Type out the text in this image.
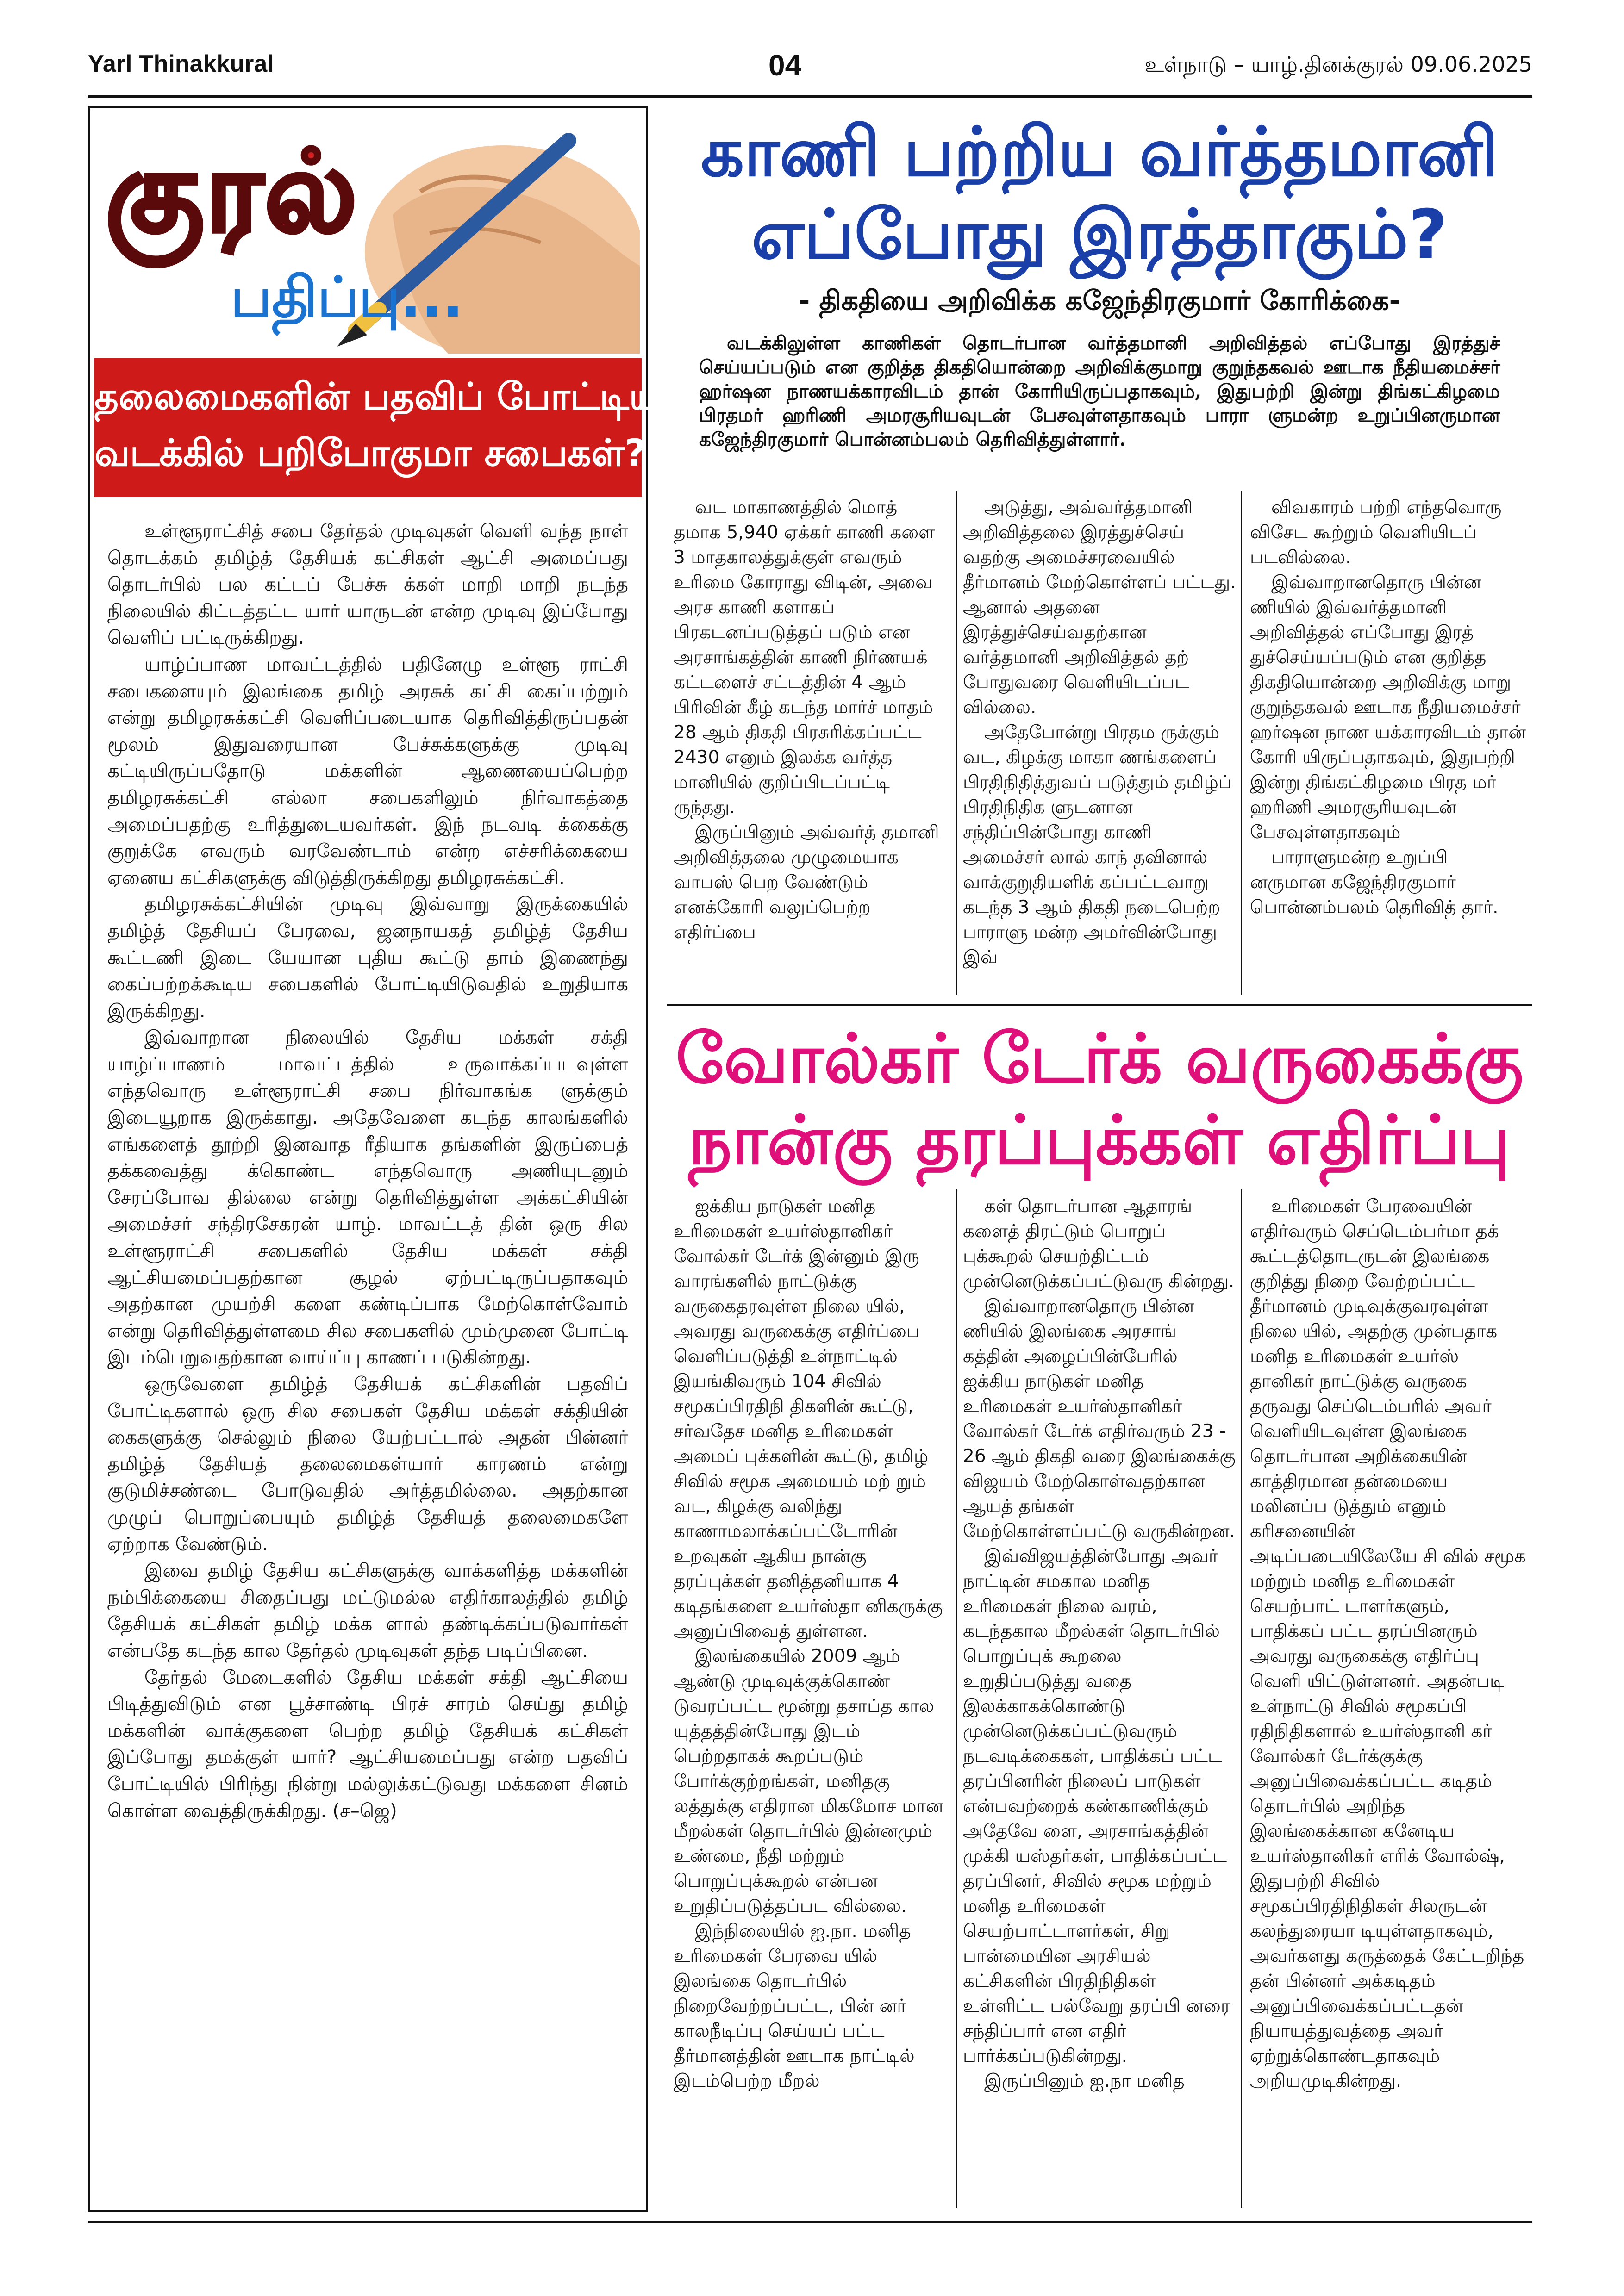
Yarl Thinakkural	04	உள்நாடு – யாழ்.தினக்குரல் 09.06.2025
குரல்
பதிப்பு...
தலைமைகளின் பதவிப் போட்டியால்
வடக்கில் பறிபோகுமா சபைகள்?

உள்ளூராட்சித் சபை தேர்தல் முடிவுகள் வெளி வந்த நாள் தொடக்கம் தமிழ்த் தேசியக் கட்சிகள் ஆட்சி அமைப்பது தொடர்பில் பல கட்டப் பேச்சு க்கள் மாறி மாறி நடந்த நிலையில் கிட்டத்தட்ட யார் யாருடன் என்ற முடிவு இப்போது வெளிப் பட்டிருக்கிறது.

யாழ்ப்பாண மாவட்டத்தில் பதினேழு உள்ளூ ராட்சி சபைகளையும் இலங்கை தமிழ் அரசுக் கட்சி கைப்பற்றும் என்று தமிழரசுக்கட்சி வெளிப்படையாக தெரிவித்திருப்பதன் மூலம் இதுவரையான பேச்சுக்களுக்கு முடிவு கட்டியிருப்பதோடு மக்களின் ஆணையைப்பெற்ற தமிழரசுக்கட்சி எல்லா சபைகளிலும் நிர்வாகத்தை அமைப்பதற்கு உரித்துடையவர்கள். இந் நடவடி க்கைக்கு குறுக்கே எவரும் வரவேண்டாம் என்ற எச்சரிக்கையை ஏனைய கட்சிகளுக்கு விடுத்திருக்கிறது தமிழரசுக்கட்சி.

தமிழரசுக்கட்சியின் முடிவு இவ்வாறு இருக்கையில் தமிழ்த் தேசியப் பேரவை, ஜனநாயகத் தமிழ்த் தேசிய கூட்டணி இடை யேயான புதிய கூட்டு தாம் இணைந்து கைப்பற்றக்கூடிய சபைகளில் போட்டியிடுவதில் உறுதியாக இருக்கிறது.

இவ்வாறான நிலையில் தேசிய மக்கள் சக்தி யாழ்ப்பாணம் மாவட்டத்தில் உருவாக்கப்படவுள்ள எந்தவொரு உள்ளூராட்சி சபை நிர்வாகங்க ளுக்கும் இடையூறாக இருக்காது. அதேவேளை கடந்த காலங்களில் எங்களைத் தூற்றி இனவாத ரீதியாக தங்களின் இருப்பைத் தக்கவைத்து க்கொண்ட எந்தவொரு அணியுடனும் சேரப்போவ தில்லை என்று தெரிவித்துள்ள அக்கட்சியின் அமைச்சர் சந்திரசேகரன் யாழ். மாவட்டத் தின் ஒரு சில உள்ளூராட்சி சபைகளில் தேசிய மக்கள் சக்தி ஆட்சியமைப்பதற்கான சூழல் ஏற்பட்டிருப்பதாகவும் அதற்கான முயற்சி களை கண்டிப்பாக மேற்கொள்வோம் என்று தெரிவித்துள்ளமை சில சபைகளில் மும்முனை போட்டி இடம்பெறுவதற்கான வாய்ப்பு காணப் படுகின்றது.

ஒருவேளை தமிழ்த் தேசியக் கட்சிகளின் பதவிப் போட்டிகளால் ஒரு சில சபைகள் தேசிய மக்கள் சக்தியின் கைகளுக்கு செல்லும் நிலை யேற்பட்டால் அதன் பின்னர் தமிழ்த் தேசியத் தலைமைகள்யார் காரணம் என்று குடுமிச்சண்டை போடுவதில் அர்த்தமில்லை. அதற்கான முழுப் பொறுப்பையும் தமிழ்த் தேசியத் தலைமைகளே ஏற்றாக வேண்டும்.

இவை தமிழ் தேசிய கட்சிகளுக்கு வாக்களித்த மக்களின் நம்பிக்கையை சிதைப்பது மட்டுமல்ல எதிர்காலத்தில் தமிழ் தேசியக் கட்சிகள் தமிழ் மக்க ளால் தண்டிக்கப்படுவார்கள் என்பதே கடந்த கால தேர்தல் முடிவுகள் தந்த படிப்பினை.

தேர்தல் மேடைகளில் தேசிய மக்கள் சக்தி ஆட்சியை பிடித்துவிடும் என பூச்சாண்டி பிரச் சாரம் செய்து தமிழ் மக்களின் வாக்குகளை பெற்ற தமிழ் தேசியக் கட்சிகள் இப்போது தமக்குள் யார்? ஆட்சியமைப்பது என்ற பதவிப் போட்டியில் பிரிந்து நின்று மல்லுக்கட்டுவது மக்களை சினம் கொள்ள வைத்திருக்கிறது. (ச–ஜெ)

காணி பற்றிய வர்த்தமானி
எப்போது இரத்தாகும்?
- திகதியை அறிவிக்க கஜேந்திரகுமார் கோரிக்கை-
வடக்கிலுள்ள காணிகள் தொடர்பான வர்த்தமானி அறிவித்தல் எப்போது இரத்துச் செய்யப்படும் என குறித்த திகதியொன்றை அறிவிக்குமாறு குறுந்தகவல் ஊடாக நீதியமைச்சர் ஹர்ஷன நாணயக்காரவிடம் தான் கோரியிருப்பதாகவும், இதுபற்றி இன்று திங்கட்கிழமை பிரதமர் ஹரிணி அமரசூரியவுடன் பேசவுள்ளதாகவும் பாரா ளுமன்ற உறுப்பினருமான கஜேந்திரகுமார் பொன்னம்பலம் தெரிவித்துள்ளார்.

வட மாகாணத்தில் மொத் தமாக 5,940 ஏக்கர் காணி களை 3 மாதகாலத்துக்குள் எவரும் உரிமை கோராது விடின், அவை அரச காணி களாகப் பிரகடனப்படுத்தப் படும் என அரசாங்கத்தின் காணி நிர்ணயக் கட்டளைச் சட்டத்தின் 4 ஆம் பிரிவின் கீழ் கடந்த மார்ச் மாதம் 28 ஆம் திகதி பிரசுரிக்கப்பட்ட 2430 எனும் இலக்க வர்த்த மானியில் குறிப்பிடப்பட்டி ருந்தது.

இருப்பினும் அவ்வர்த் தமானி அறிவித்தலை முழுமையாக வாபஸ் பெற வேண்டும் எனக்கோரி வலுப்பெற்ற எதிர்ப்பை

அடுத்து, அவ்வர்த்தமானி அறிவித்தலை இரத்துச்செய் வதற்கு அமைச்சரவையில் தீர்மானம் மேற்கொள்ளப் பட்டது. ஆனால் அதனை இரத்துச்செய்வதற்கான வர்த்தமானி அறிவித்தல் தற் போதுவரை வெளியிடப்பட வில்லை.

அதேபோன்று பிரதம ருக்கும் வட, கிழக்கு மாகா ணங்களைப் பிரதிநிதித்துவப் படுத்தும் தமிழ்ப் பிரதிநிதிக ளுடனான சந்திப்பின்போது காணி அமைச்சர் லால் காந் தவினால் வாக்குறுதியளிக் கப்பட்டவாறு கடந்த 3 ஆம் திகதி நடைபெற்ற பாராளு மன்ற அமர்வின்போது இவ்

விவகாரம் பற்றி எந்தவொரு விசேட கூற்றும் வெளியிடப் படவில்லை.

இவ்வாறானதொரு பின்ன ணியில் இவ்வர்த்தமானி அறிவித்தல் எப்போது இரத் துச்செய்யப்படும் என குறித்த திகதியொன்றை அறிவிக்கு மாறு குறுந்தகவல் ஊடாக நீதியமைச்சர் ஹர்ஷன நாண யக்காரவிடம் தான் கோரி யிருப்பதாகவும், இதுபற்றி இன்று திங்கட்கிழமை பிரத மர் ஹரிணி அமரசூரியவுடன் பேசவுள்ளதாகவும்

பாராளுமன்ற உறுப்பி னருமான கஜேந்திரகுமார் பொன்னம்பலம் தெரிவித் தார்.

வோல்கர் டேர்க் வருகைக்கு
நான்கு தரப்புக்கள் எதிர்ப்பு

ஐக்கிய நாடுகள் மனித உரிமைகள் உயர்ஸ்தானிகர் வோல்கர் டேர்க் இன்னும் இரு வாரங்களில் நாட்டுக்கு வருகைதரவுள்ள நிலை யில், அவரது வருகைக்கு எதிர்ப்பை வெளிப்படுத்தி உள்நாட்டில் இயங்கிவரும் 104 சிவில் சமூகப்பிரதிநி திகளின் கூட்டு, சர்வதேச மனித உரிமைகள் அமைப் புக்களின் கூட்டு, தமிழ் சிவில் சமூக அமையம் மற் றும் வட, கிழக்கு வலிந்து காணாமலாக்கப்பட்டோரின் உறவுகள் ஆகிய நான்கு தரப்புக்கள் தனித்தனியாக 4 கடிதங்களை உயர்ஸ்தா னிகருக்கு அனுப்பிவைத் துள்ளன.

இலங்கையில் 2009 ஆம் ஆண்டு முடிவுக்குக்கொண் டுவரப்பட்ட மூன்று தசாப்த கால யுத்தத்தின்போது இடம் பெற்றதாகக் கூறப்படும் போர்க்குற்றங்கள், மனிதகு லத்துக்கு எதிரான மிகமோச மான மீறல்கள் தொடர்பில் இன்னமும் உண்மை, நீதி மற்றும் பொறுப்புக்கூறல் என்பன உறுதிப்படுத்தப்பட வில்லை.

இந்நிலையில் ஐ.நா. மனித உரிமைகள் பேரவை யில் இலங்கை தொடர்பில் நிறைவேற்றப்பட்ட, பின் னர் காலநீடிப்பு செய்யப் பட்ட தீர்மானத்தின் ஊடாக நாட்டில் இடம்பெற்ற மீறல்

கள் தொடர்பான ஆதாரங் களைத் திரட்டும் பொறுப் புக்கூறல் செயற்திட்டம் முன்னெடுக்கப்பட்டுவரு கின்றது.

இவ்வாறானதொரு பின்ன ணியில் இலங்கை அரசாங் கத்தின் அழைப்பின்பேரில் ஐக்கிய நாடுகள் மனித உரிமைகள் உயர்ஸ்தானிகர் வோல்கர் டேர்க் எதிர்வரும் 23 - 26 ஆம் திகதி வரை இலங்கைக்கு விஜயம் மேற்கொள்வதற்கான ஆயத் தங்கள் மேற்கொள்ளப்பட்டு வருகின்றன.

இவ்விஜயத்தின்போது அவர் நாட்டின் சமகால மனித உரிமைகள் நிலை வரம், கடந்தகால மீறல்கள் தொடர்பில் பொறுப்புக் கூறலை உறுதிப்படுத்து வதை இலக்காகக்கொண்டு முன்னெடுக்கப்பட்டுவரும் நடவடிக்கைகள், பாதிக்கப் பட்ட தரப்பினரின் நிலைப் பாடுகள் என்பவற்றைக் கண்காணிக்கும் அதேவே ளை, அரசாங்கத்தின் முக்கி யஸ்தர்கள், பாதிக்கப்பட்ட தரப்பினர், சிவில் சமூக மற்றும் மனித உரிமைகள் செயற்பாட்டாளர்கள், சிறு பான்மையின அரசியல் கட்சிகளின் பிரதிநிதிகள் உள்ளிட்ட பல்வேறு தரப்பி னரை சந்திப்பார் என எதிர் பார்க்கப்படுகின்றது.

இருப்பினும் ஐ.நா மனித

உரிமைகள் பேரவையின் எதிர்வரும் செப்டெம்பர்மா தக் கூட்டத்தொடருடன் இலங்கை குறித்து நிறை வேற்றப்பட்ட தீர்மானம் முடிவுக்குவரவுள்ள நிலை யில், அதற்கு முன்பதாக மனித உரிமைகள் உயர்ஸ் தானிகர் நாட்டுக்கு வருகை தருவது செப்டெம்பரில் அவர் வெளியிடவுள்ள இலங்கை தொடர்பான அறிக்கையின் காத்திரமான தன்மையை மலினப்ப டுத்தும் எனும் கரிசனையின் அடிப்படையிலேயே சி வில் சமூக மற்றும் மனித உரிமைகள் செயற்பாட் டாளர்களும், பாதிக்கப் பட்ட தரப்பினரும் அவரது வருகைக்கு எதிர்ப்பு வெளி யிட்டுள்ளனர். அதன்படி உள்நாட்டு சிவில் சமூகப்பி ரதிநிதிகளால் உயர்ஸ்தானி கர் வோல்கர் டேர்க்குக்கு அனுப்பிவைக்கப்பட்ட கடிதம் தொடர்பில் அறிந்த இலங்கைக்கான கனேடிய உயர்ஸ்தானிகர் எரிக் வோல்ஷ், இதுபற்றி சிவில் சமூகப்பிரதிநிதிகள் சிலருடன் கலந்துரையா டியுள்ளதாகவும், அவர்களது கருத்தைக் கேட்டறிந்த தன் பின்னர் அக்கடிதம் அனுப்பிவைக்கப்பட்டதன் நியாயத்துவத்தை அவர் ஏற்றுக்கொண்டதாகவும் அறியமுடிகின்றது.
